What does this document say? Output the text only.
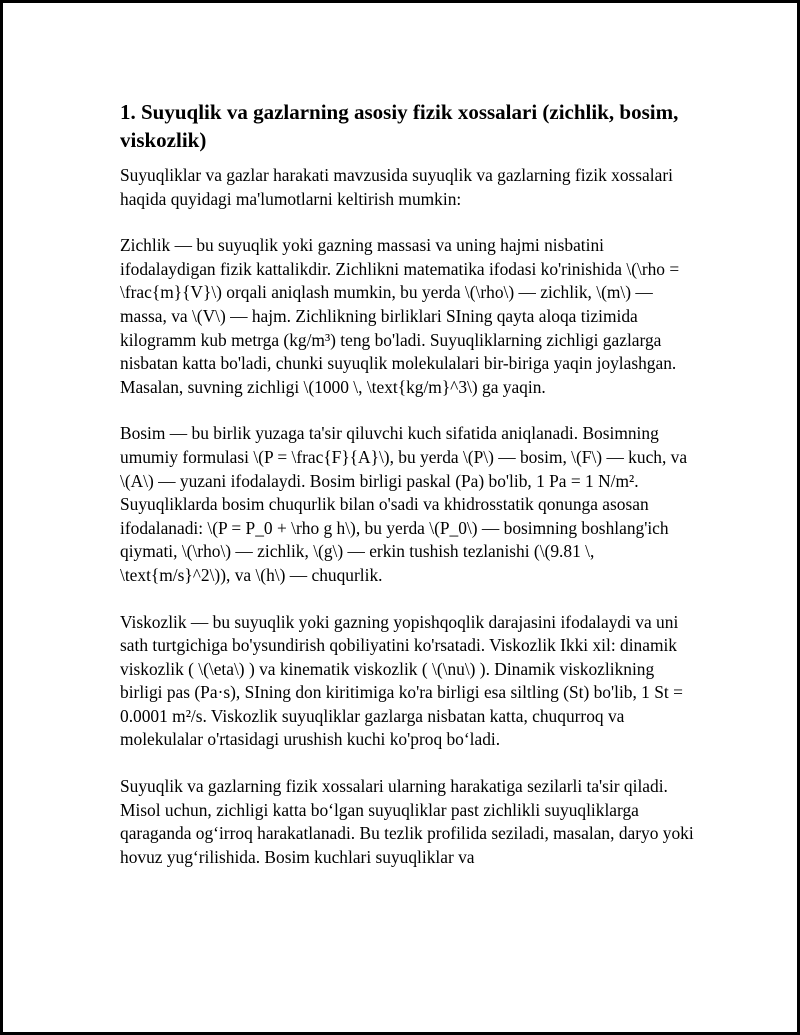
1. Suyuqlik va gazlarning asosiy fizik xossalari (zichlik, bosim, viskozlik)

Suyuqliklar va gazlar harakati mavzusida suyuqlik va gazlarning fizik xossalari haqida quyidagi ma'lumotlarni keltirish mumkin:

Zichlik — bu suyuqlik yoki gazning massasi va uning hajmi nisbatini ifodalaydigan fizik kattalikdir. Zichlikni matematika ifodasi ko'rinishida \(\rho = \frac{m}{V}\) orqali aniqlash mumkin, bu yerda \(\rho\) — zichlik, \(m\) — massa, va \(V\) — hajm. Zichlikning birliklari SIning qayta aloqa tizimida kilogramm kub metrga (kg/m³) teng bo'ladi. Suyuqliklarning zichligi gazlarga nisbatan katta bo'ladi, chunki suyuqlik molekulalari bir-biriga yaqin joylashgan. Masalan, suvning zichligi \(1000 \, \text{kg/m}^3\) ga yaqin.

Bosim — bu birlik yuzaga ta'sir qiluvchi kuch sifatida aniqlanadi. Bosimning umumiy formulasi \(P = \frac{F}{A}\), bu yerda \(P\) — bosim, \(F\) — kuch, va \(A\) — yuzani ifodalaydi. Bosim birligi paskal (Pa) bo'lib, 1 Pa = 1 N/m². Suyuqliklarda bosim chuqurlik bilan o'sadi va khidrosstatik qonunga asosan ifodalanadi: \(P = P_0 + \rho g h\), bu yerda \(P_0\) — bosimning boshlang'ich qiymati, \(\rho\) — zichlik, \(g\) — erkin tushish tezlanishi (\(9.81 \, \text{m/s}^2\)), va \(h\) — chuqurlik.

Viskozlik — bu suyuqlik yoki gazning yopishqoqlik darajasini ifodalaydi va uni sath turtgichiga bo'ysundirish qobiliyatini ko'rsatadi. Viskozlik Ikki xil: dinamik viskozlik ( \(\eta\) ) va kinematik viskozlik ( \(\nu\) ). Dinamik viskozlikning birligi pas (Pa·s), SIning don kiritimiga ko'ra birligi esa siltling (St) bo'lib, 1 St = 0.0001 m²/s. Viskozlik suyuqliklar gazlarga nisbatan katta, chuqurroq va molekulalar o'rtasidagi urushish kuchi ko'proq bo‘ladi.

Suyuqlik va gazlarning fizik xossalari ularning harakatiga sezilarli ta'sir qiladi. Misol uchun, zichligi katta bo‘lgan suyuqliklar past zichlikli suyuqliklarga qaraganda og‘irroq harakatlanadi. Bu tezlik profilida seziladi, masalan, daryo yoki hovuz yug‘rilishida. Bosim kuchlari suyuqliklar va
